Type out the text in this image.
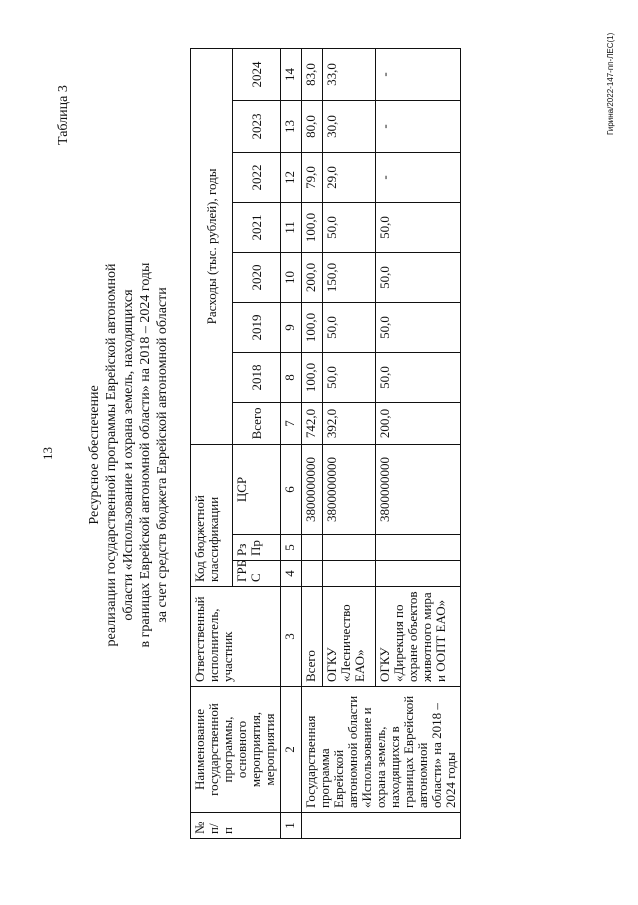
13
Таблица 3	Гирина/2022-147-пп-ЛЕС(1)
Ресурсное обеспечение реализации государственной программы Еврейской автономной области «Использование и охрана земель, находящихся в границах Еврейской автономной области» на 2018 – 2024 годы за счет средств бюджета Еврейской автономной области
№ п/п	Наименование государственной программы, основного мероприятия, мероприятия	Ответственный исполнитель, участник	Код бюджетной классификации			Расходы (тыс. рублей), годы							
			ГРБ С	Рз Пр	ЦСР	Всего	2018	2019	2020	2021	2022	2023	2024
1	2	3	4	5	6	7	8	9	10	11	12	13	14
	Государственная программа Еврейской автономной области «Использование и охрана земель, находящихся в границах Еврейской автономной области» на 2018 – 2024 годы	Всего			3800000000	742,0	100,0	100,0	200,0	100,0	79,0	80,0	83,0
		ОГКУ «Лесничество ЕАО»			3800000000	392,0	50,0	50,0	150,0	50,0	29,0	30,0	33,0
		ОГКУ «Дирекция по охране объектов животного мира и ООПТ ЕАО»			3800000000	200,0	50,0	50,0	50,0	50,0	-	-	-
